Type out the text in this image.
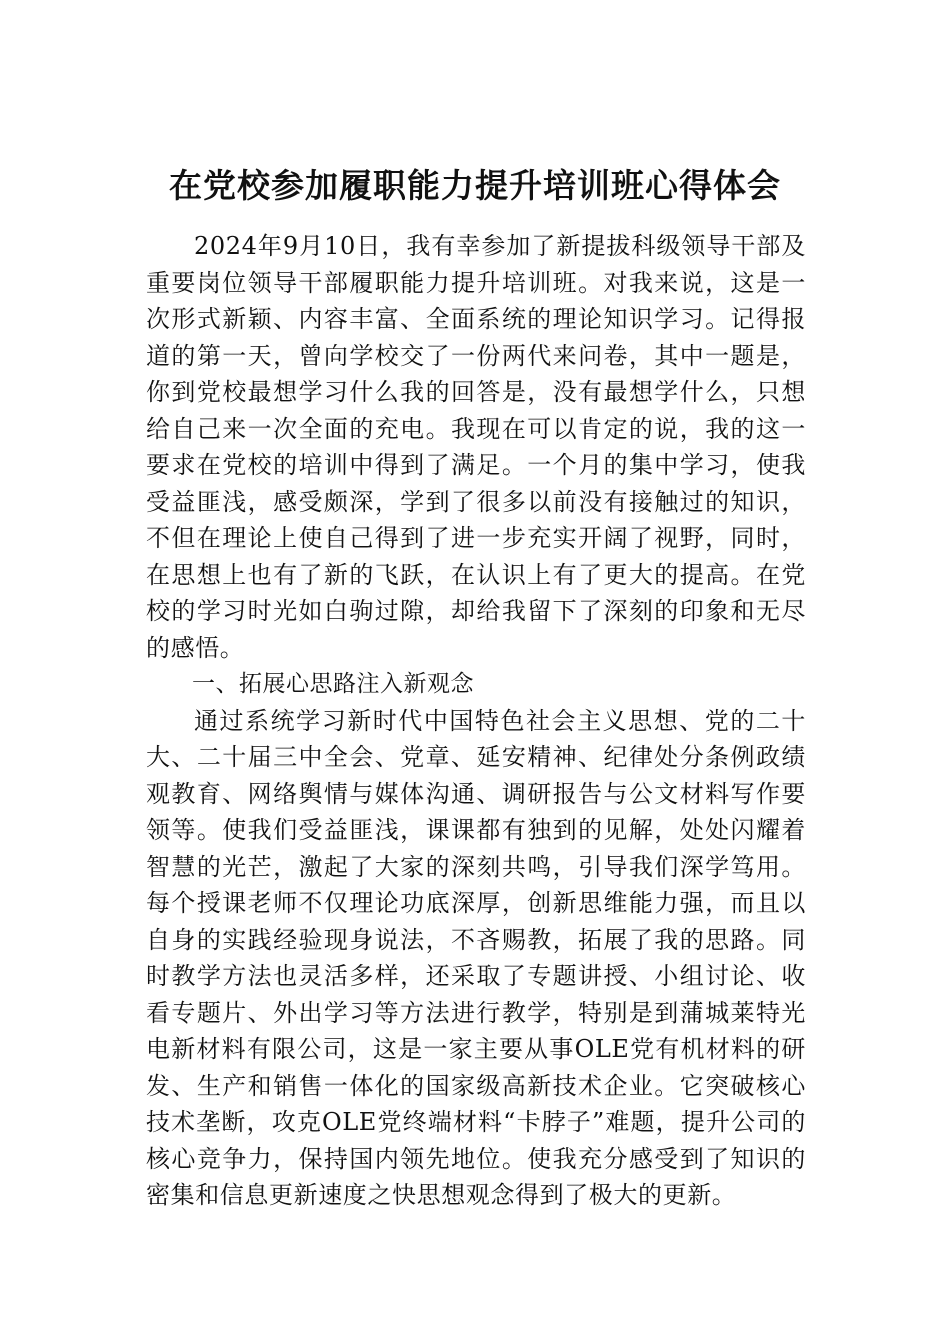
在党校参加履职能力提升培训班心得体会

2024年9月10日，我有幸参加了新提拔科级领导干部及重要岗位领导干部履职能力提升培训班。对我来说，这是一次形式新颖、内容丰富、全面系统的理论知识学习。记得报道的第一天，曾向学校交了一份两代来问卷，其中一题是，你到党校最想学习什么我的回答是，没有最想学什么，只想给自己来一次全面的充电。我现在可以肯定的说，我的这一要求在党校的培训中得到了满足。一个月的集中学习，使我受益匪浅，感受颇深，学到了很多以前没有接触过的知识，不但在理论上使自己得到了进一步充实开阔了视野，同时，在思想上也有了新的飞跃，在认识上有了更大的提高。在党校的学习时光如白驹过隙，却给我留下了深刻的印象和无尽的感悟。

一、拓展心思路注入新观念

通过系统学习新时代中国特色社会主义思想、党的二十大、二十届三中全会、党章、延安精神、纪律处分条例政绩观教育、网络舆情与媒体沟通、调研报告与公文材料写作要领等。使我们受益匪浅，课课都有独到的见解，处处闪耀着智慧的光芒，激起了大家的深刻共鸣，引导我们深学笃用。每个授课老师不仅理论功底深厚，创新思维能力强，而且以自身的实践经验现身说法，不吝赐教，拓展了我的思路。同时教学方法也灵活多样，还采取了专题讲授、小组讨论、收看专题片、外出学习等方法进行教学，特别是到蒲城莱特光电新材料有限公司，这是一家主要从事OLE党有机材料的研发、生产和销售一体化的国家级高新技术企业。它突破核心技术垄断，攻克OLE党终端材料“卡脖子”难题，提升公司的核心竞争力，保持国内领先地位。使我充分感受到了知识的密集和信息更新速度之快思想观念得到了极大的更新。
